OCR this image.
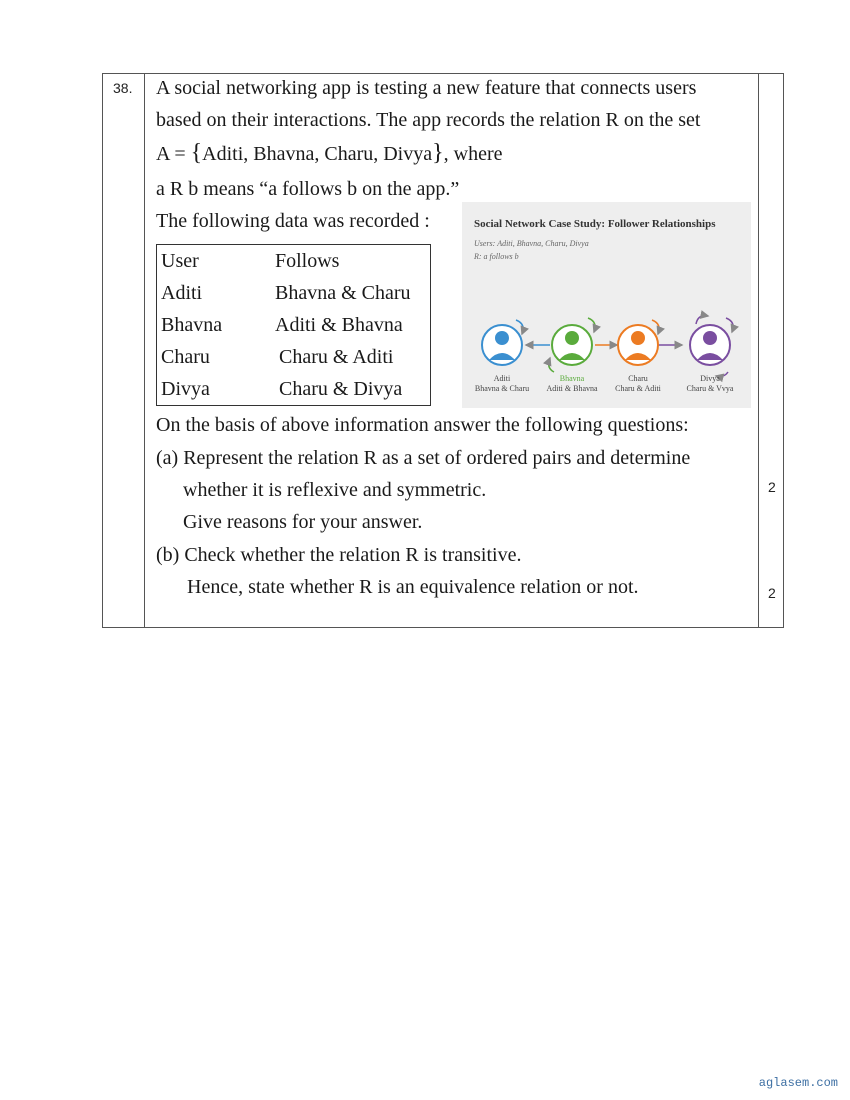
38. A social networking app is testing a new feature that connects users
based on their interactions. The app records the relation R on the set
A = {Aditi, Bhavna, Charu, Divya}, where
a R b means “a follows b on the app.”
The following data was recorded :
User	Follows
Aditi	Bhavna & Charu
Bhavna	Aditi & Bhavna
Charu	Charu & Aditi
Divya	Charu & Divya
Social Network Case Study: Follower Relationships
Users: Aditi, Bhavna, Charu, Divya
R: a follows b
Aditi
Bhavna & Charu
Bhavna
Aditi & Bhavna
Charu
Charu & Aditi
Divya
Charu & Vvya
On the basis of above information answer the following questions:
(a) Represent the relation R as a set of ordered pairs and determine
whether it is reflexive and symmetric.
Give reasons for your answer.
(b) Check whether the relation R is transitive.
Hence, state whether R is an equivalence relation or not.
2
2
aglasem.com
